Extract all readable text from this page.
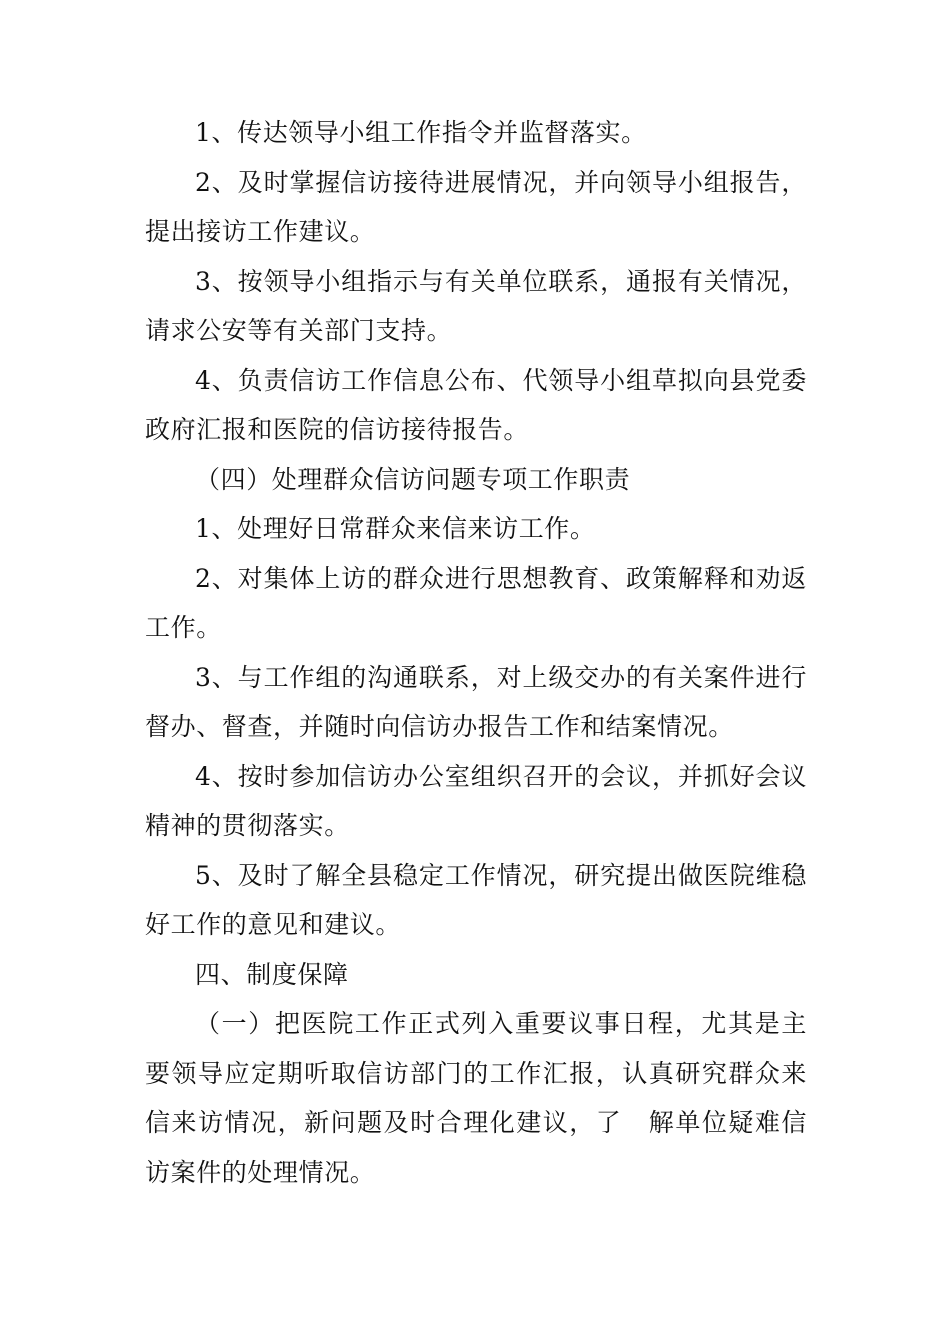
1、传达领导小组工作指令并监督落实。

2、及时掌握信访接待进展情况，并向领导小组报告，提出接访工作建议。

3、按领导小组指示与有关单位联系，通报有关情况，请求公安等有关部门支持。

4、负责信访工作信息公布、代领导小组草拟向县党委政府汇报和医院的信访接待报告。

（四）处理群众信访问题专项工作职责

1、处理好日常群众来信来访工作。

2、对集体上访的群众进行思想教育、政策解释和劝返工作。

3、与工作组的沟通联系，对上级交办的有关案件进行督办、督查，并随时向信访办报告工作和结案情况。

4、按时参加信访办公室组织召开的会议，并抓好会议精神的贯彻落实。

5、及时了解全县稳定工作情况，研究提出做医院维稳好工作的意见和建议。

四、制度保障

（一）把医院工作正式列入重要议事日程，尤其是主要领导应定期听取信访部门的工作汇报，认真研究群众来信来访情况，新问题及时合理化建议，了　解单位疑难信访案件的处理情况。
